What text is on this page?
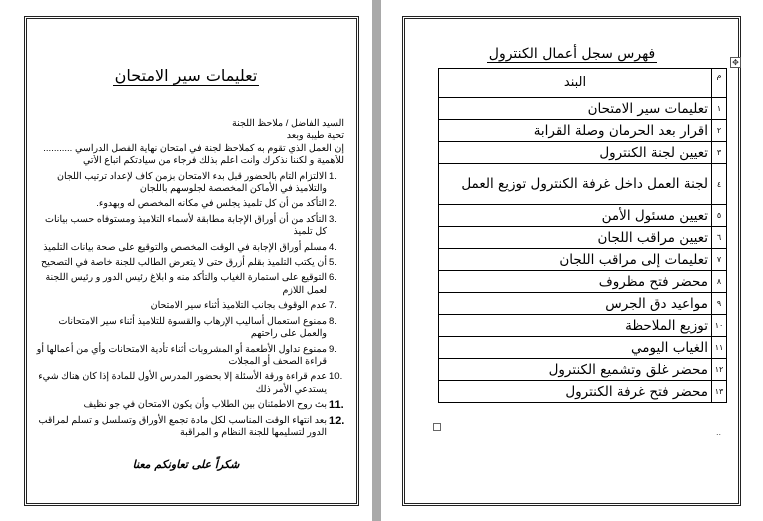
تعليمات سير الامتحان
السيد الفاضل / ملاحظ اللجنة
تحية طيبة وبعد
إن العمل الذي تقوم به كملاحظ لجنة في امتحان نهاية الفصل الدراسي ...........
للأهمية و لكننا نذكرك وأنت أعلم بذلك فرجاء من سيادتكم اتباع الأتي
1.
الالتزام التام بالحضور قبل بدء الامتحان بزمن كاف لإعداد ترتيب اللجان والتلاميذ في الأماكن المخصصة لجلوسهم باللجان
2.
التأكد من أن كل تلميذ يجلس في مكانه المخصص له وبهدوء.
3.
التأكد من أن أوراق الإجابة مطابقة لأسماء التلاميذ ومستوفاه حسب بيانات كل تلميذ
4.
مسلم أوراق الإجابة في الوقت المخصص والتوقيع على صحة بيانات التلميذ
5.
أن يكتب التلميذ بقلم أزرق حتى لا يتعرض الطالب للجنة خاصة في التصحيح
6.
التوقيع على استمارة الغياب والتأكد منه و ابلاغ رئيس الدور و رئيس اللجنة لعمل اللازم
7.
عدم الوقوف بجانب التلاميذ أثناء سير الامتحان
8.
ممنوع استعمال أساليب الإرهاب والقسوة للتلاميذ أثناء سير الامتحانات والعمل على راحتهم
9.
ممنوع تداول الأطعمة أو المشروبات أثناء تأدية الامتحانات وأي من أعمالها أو قراءة الصحف أو المجلات
10.
عدم قراءة ورقة الأسئلة إلا بحضور المدرس الأول للمادة إذا كان هناك شيء يستدعي الأمر ذلك
11.
بث روح الاطمئنان بين الطلاب وأن يكون الامتحان في جو نظيف
12.
بعد انتهاء الوقت المناسب لكل مادة تجمع الأوراق وتسلسل و تسلم لمراقب الدور لتسليمها للجنة النظام و المراقبة
شكراً على تعاونكم معنا
فهرس سجل أعمال الكنترول
✥
م	البند
١	تعليمات سير الامتحان
٢	اقرار بعد الحرمان وصلة القرابة
٣	تعيين لجنة الكنترول
٤	لجنة العمل داخل غرفة الكنترول توزيع العمل
٥	تعيين مسئول الأمن
٦	تعيين مراقب اللجان
٧	تعليمات إلى مراقب اللجان
٨	محضر فتح مظروف
٩	مواعيد دق الجرس
١٠	توزيع الملاحظة
١١	الغياب اليومي
١٢	محضر غلق وتشميع الكنترول
١٣	محضر فتح غرفة الكنترول
..
